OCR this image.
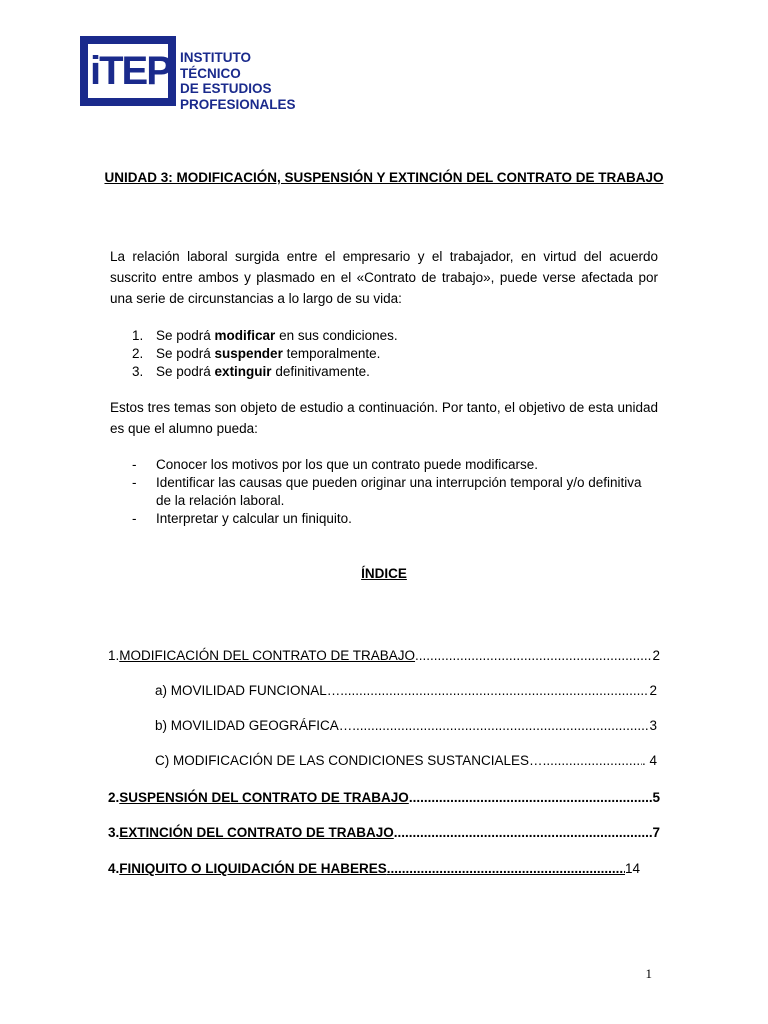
iTEP INSTITUTO TÉCNICO
DE ESTUDIOS
PROFESIONALES
UNIDAD 3: MODIFICACIÓN, SUSPENSIÓN Y EXTINCIÓN DEL CONTRATO DE TRABAJO
La relación laboral surgida entre el empresario y el trabajador, en virtud del acuerdo suscrito entre ambos y plasmado en el «Contrato de trabajo», puede verse afectada por una serie de circunstancias a lo largo de su vida:
1. Se podrá modificar en sus condiciones.
2. Se podrá suspender temporalmente.
3. Se podrá extinguir definitivamente.
Estos tres temas son objeto de estudio a continuación. Por tanto, el objetivo de esta unidad es que el alumno pueda:
- Conocer los motivos por los que un contrato puede modificarse.
- Identificar las causas que pueden originar una interrupción temporal y/o definitiva de la relación laboral.
- Interpretar y calcular un finiquito.
ÍNDICE
1. MODIFICACIÓN DEL CONTRATO DE TRABAJO .....	2
a) MOVILIDAD FUNCIONAL… .....	2
b) MOVILIDAD GEOGRÁFICA… .....	3
C) MODIFICACIÓN DE LAS CONDICIONES SUSTANCIALES… .....	. 4
2. SUSPENSIÓN DEL CONTRATO DE TRABAJO .....	5
3. EXTINCIÓN DEL CONTRATO DE TRABAJO .....	7
4. FINIQUITO O LIQUIDACIÓN DE HABERES .....	14
1
